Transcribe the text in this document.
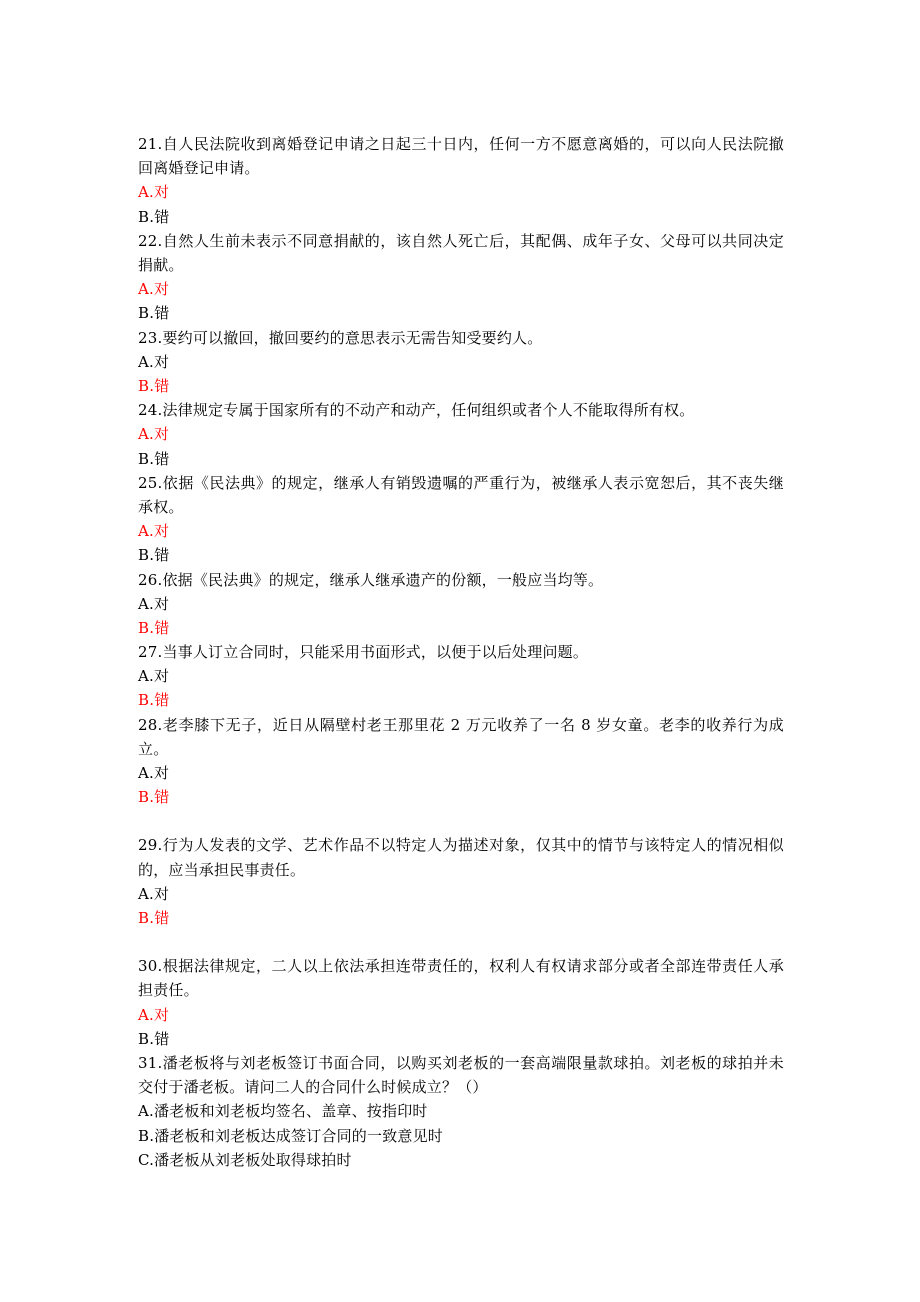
21.自人民法院收到离婚登记申请之日起三十日内，任何一方不愿意离婚的，可以向人民法院撤回离婚登记申请。
A.对
B.错
22.自然人生前未表示不同意捐献的，该自然人死亡后，其配偶、成年子女、父母可以共同决定捐献。
A.对
B.错
23.要约可以撤回，撤回要约的意思表示无需告知受要约人。
A.对
B.错
24.法律规定专属于国家所有的不动产和动产，任何组织或者个人不能取得所有权。
A.对
B.错
25.依据《民法典》的规定，继承人有销毁遗嘱的严重行为，被继承人表示宽恕后，其不丧失继承权。
A.对
B.错
26.依据《民法典》的规定，继承人继承遗产的份额，一般应当均等。
A.对
B.错
27.当事人订立合同时，只能采用书面形式，以便于以后处理问题。
A.对
B.错
28.老李膝下无子，近日从隔壁村老王那里花 2 万元收养了一名 8 岁女童。老李的收养行为成立。
A.对
B.错
29.行为人发表的文学、艺术作品不以特定人为描述对象，仅其中的情节与该特定人的情况相似的，应当承担民事责任。
A.对
B.错
30.根据法律规定，二人以上依法承担连带责任的，权利人有权请求部分或者全部连带责任人承担责任。
A.对
B.错
31.潘老板将与刘老板签订书面合同，以购买刘老板的一套高端限量款球拍。刘老板的球拍并未交付于潘老板。请问二人的合同什么时候成立？（）
A.潘老板和刘老板均签名、盖章、按指印时
B.潘老板和刘老板达成签订合同的一致意见时
C.潘老板从刘老板处取得球拍时
